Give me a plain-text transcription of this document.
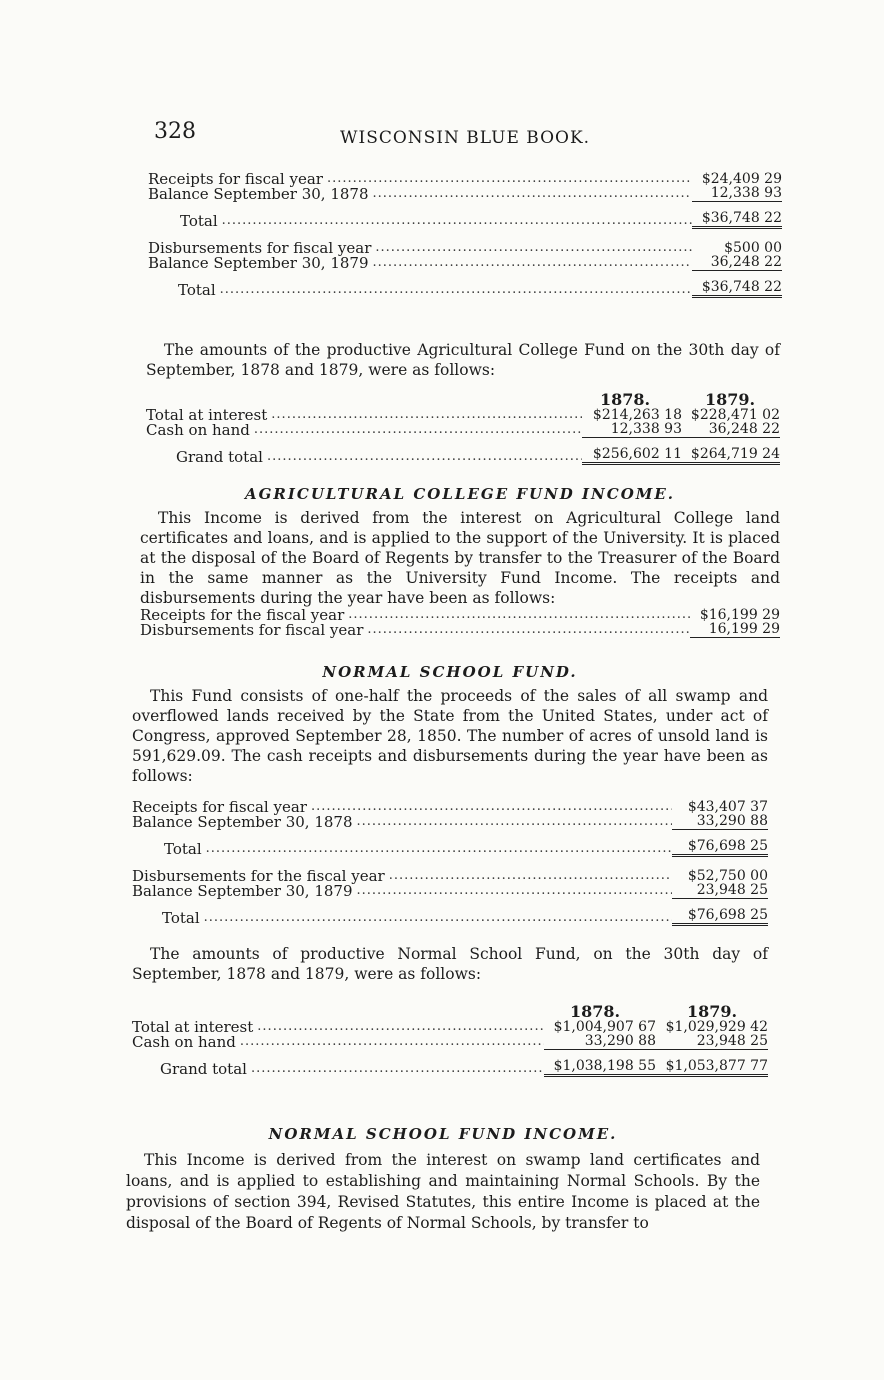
328	WISCONSIN BLUE BOOK.
Receipts for fiscal year .....	$24,409 29
Balance September 30, 1878 .....	12,338 93
Total .....	$36,748 22
Disbursements for fiscal year .....	$500 00
Balance September 30, 1879 .....	36,248 22
Total .....	$36,748 22
The amounts of the productive Agricultural College Fund on the 30th day of September, 1878 and 1879, were as follows:
1878.	1879.
Total at interest .....	$214,263 18 $228,471 02
Cash on hand .....	12,338 93	36,248 22
Grand total .....	$256,602 11 $264,719 24
AGRICULTURAL COLLEGE FUND INCOME.
This Income is derived from the interest on Agricultural College land certificates and loans, and is applied to the support of the University. It is placed at the disposal of the Board of Regents by transfer to the Treasurer of the Board in the same manner as the University Fund Income. The receipts and disbursements during the year have been as follows:
Receipts for the fiscal year .....	$16,199 29
Disbursements for fiscal year .....	16,199 29
NORMAL SCHOOL FUND.
This Fund consists of one-half the proceeds of the sales of all swamp and overflowed lands received by the State from the United States, under act of Congress, approved September 28, 1850. The number of acres of unsold land is 591,629.09. The cash receipts and disbursements during the year have been as follows:
Receipts for fiscal year .....	$43,407 37
Balance September 30, 1878 .....	33,290 88
Total .....	$76,698 25
Disbursements for the fiscal year .....	$52,750 00
Balance September 30, 1879 .....	23,948 25
Total .....	$76,698 25
The amounts of productive Normal School Fund, on the 30th day of September, 1878 and 1879, were as follows:
1878.	1879.
Total at interest .....	$1,004,907 67 $1,029,929 42
Cash on hand .....	33,290 88	23,948 25
Grand total .....	$1,038,198 55 $1,053,877 77
NORMAL SCHOOL FUND INCOME.
This Income is derived from the interest on swamp land certificates and loans, and is applied to establishing and maintaining Normal Schools. By the provisions of section 394, Revised Statutes, this entire Income is placed at the disposal of the Board of Regents of Normal Schools, by transfer to
